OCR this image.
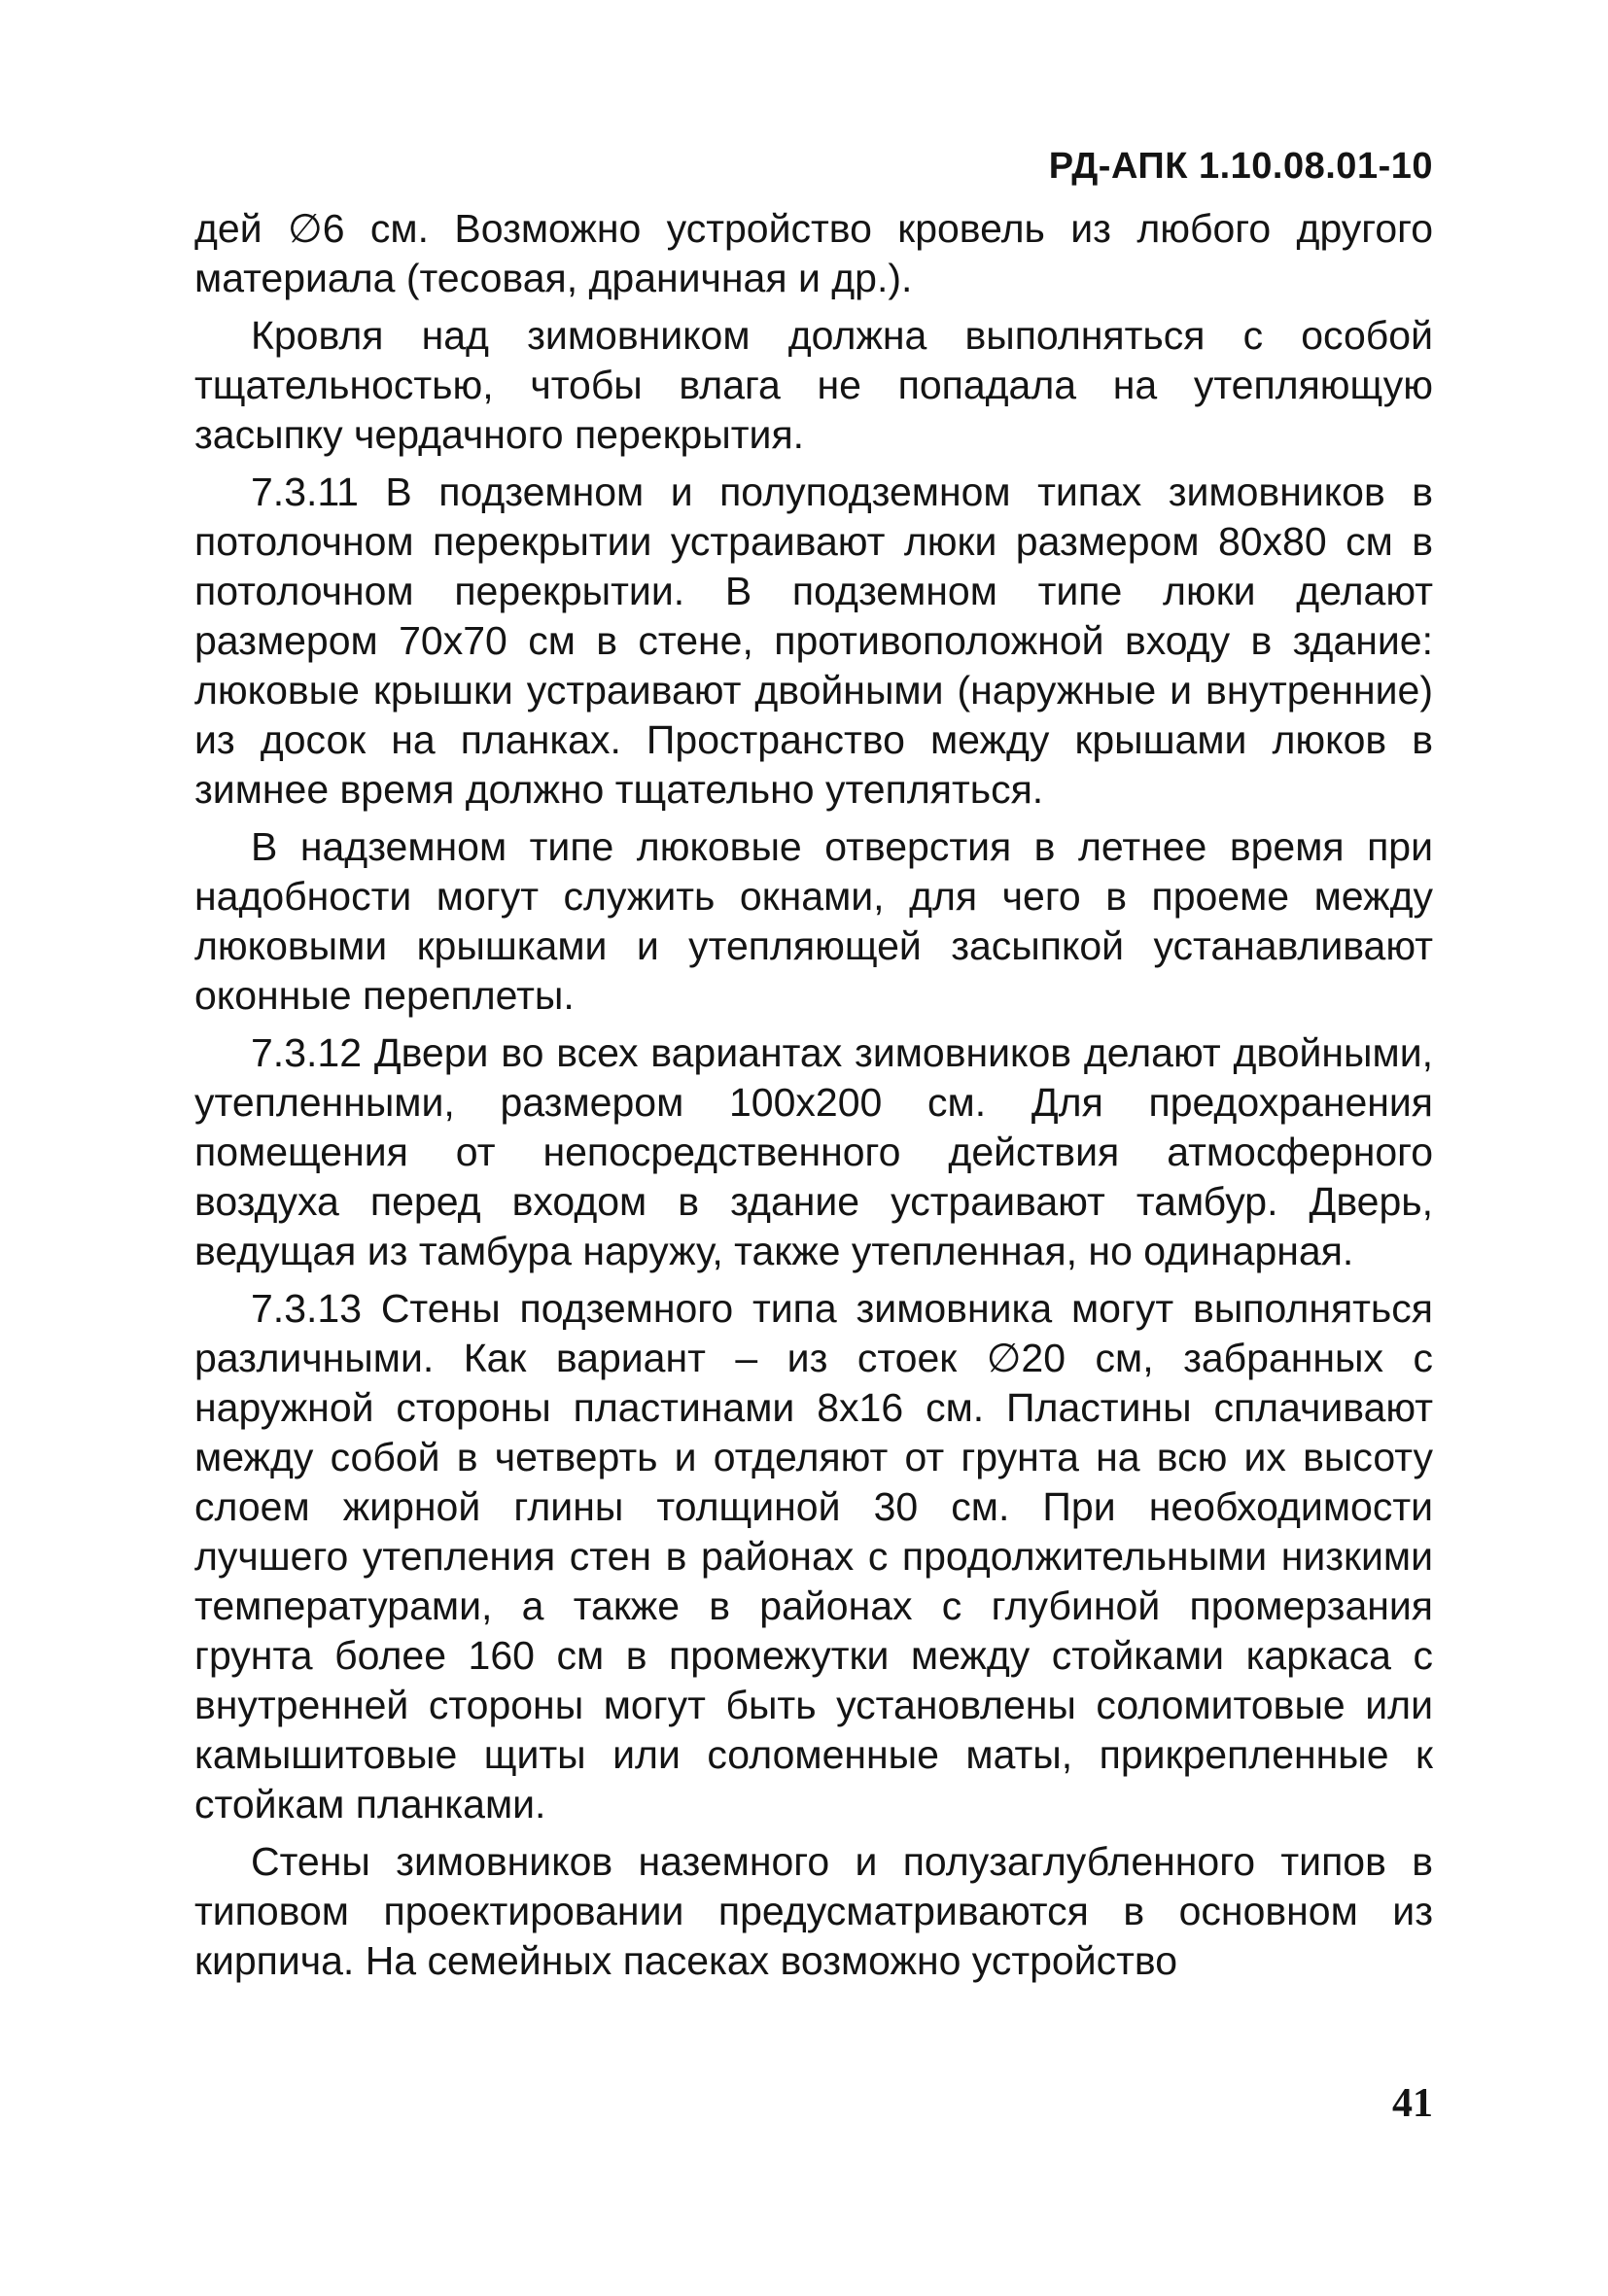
РД-АПК 1.10.08.01-10

дей ∅6 см. Возможно устройство кровель из любого другого материала (тесовая, драничная и др.).

Кровля над зимовником должна выполняться с особой тщательностью, чтобы влага не попадала на утепляющую засыпку чердачного перекрытия.

7.3.11 В подземном и полуподземном типах зимовников в потолочном перекрытии устраивают люки размером 80х80 см в потолочном перекрытии. В подземном типе люки делают размером 70х70 см в стене, противоположной входу в здание: люковые крышки устраивают двойными (наружные и внутренние) из досок на планках. Пространство между крышами люков в зимнее время должно тщательно утепляться.

В надземном типе люковые отверстия в летнее время при надобности могут служить окнами, для чего в проеме между люковыми крышками и утепляющей засыпкой устанавливают оконные переплеты.

7.3.12 Двери во всех вариантах зимовников делают двойными, утепленными, размером 100х200 см. Для предохранения помещения от непосредственного действия атмосферного воздуха перед входом в здание устраивают тамбур. Дверь, ведущая из тамбура наружу, также утепленная, но одинарная.

7.3.13 Стены подземного типа зимовника могут выполняться различными. Как вариант – из стоек ∅20 см, забранных с наружной стороны пластинами 8х16 см. Пластины сплачивают между собой в четверть и отделяют от грунта на всю их высоту слоем жирной глины толщиной 30 см. При необходимости лучшего утепления стен в районах с продолжительными низкими температурами, а также в районах с глубиной промерзания грунта более 160 см в промежутки между стойками каркаса с внутренней стороны могут быть установлены соломитовые или камышитовые щиты или соломенные маты, прикрепленные к стойкам планками.

Стены зимовников наземного и полузаглубленного типов в типовом проектировании предусматриваются в основном из кирпича. На семейных пасеках возможно устройство

41
